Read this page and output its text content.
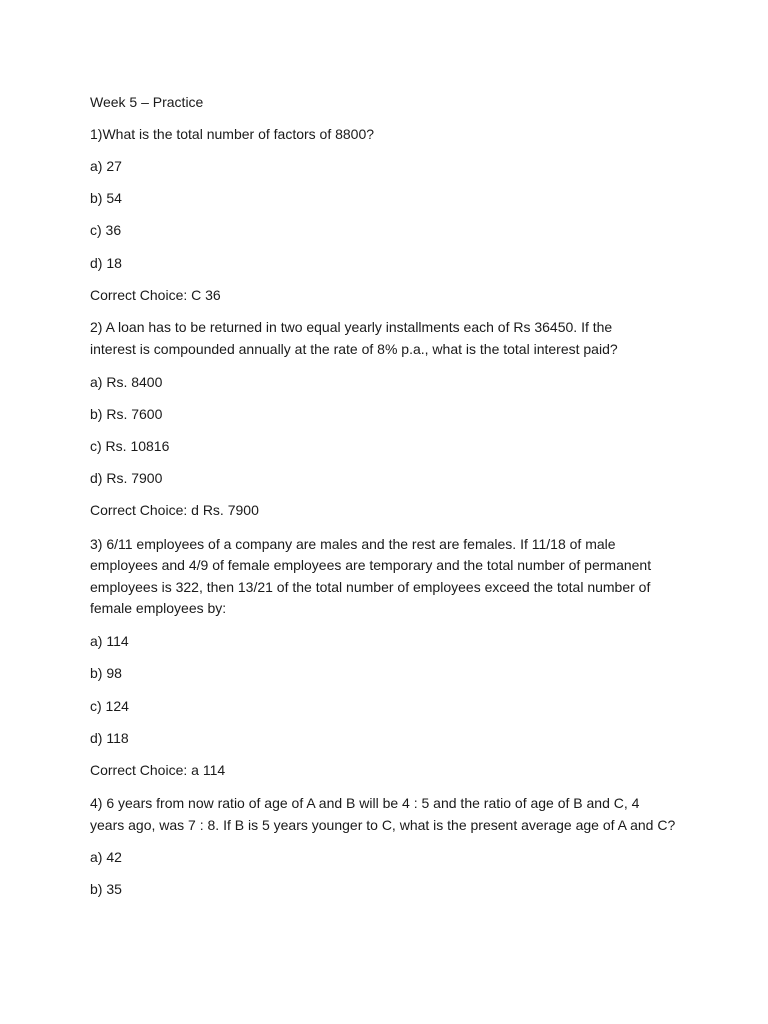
Week 5 – Practice
1)What is the total number of factors of 8800?
a) 27
b) 54
c) 36
d) 18
Correct Choice: C 36
2) A loan has to be returned in two equal yearly installments each of Rs 36450. If the
interest is compounded annually at the rate of 8% p.a., what is the total interest paid?
a) Rs. 8400
b) Rs. 7600
c) Rs. 10816
d) Rs. 7900
Correct Choice: d Rs. 7900
3) 6/11 employees of a company are males and the rest are females. If 11/18 of male
employees and 4/9 of female employees are temporary and the total number of permanent
employees is 322, then 13/21 of the total number of employees exceed the total number of
female employees by:
a) 114
b) 98
c) 124
d) 118
Correct Choice: a 114
4) 6 years from now ratio of age of A and B will be 4 : 5 and the ratio of age of B and C, 4
years ago, was 7 : 8. If B is 5 years younger to C, what is the present average age of A and C?
a) 42
b) 35
